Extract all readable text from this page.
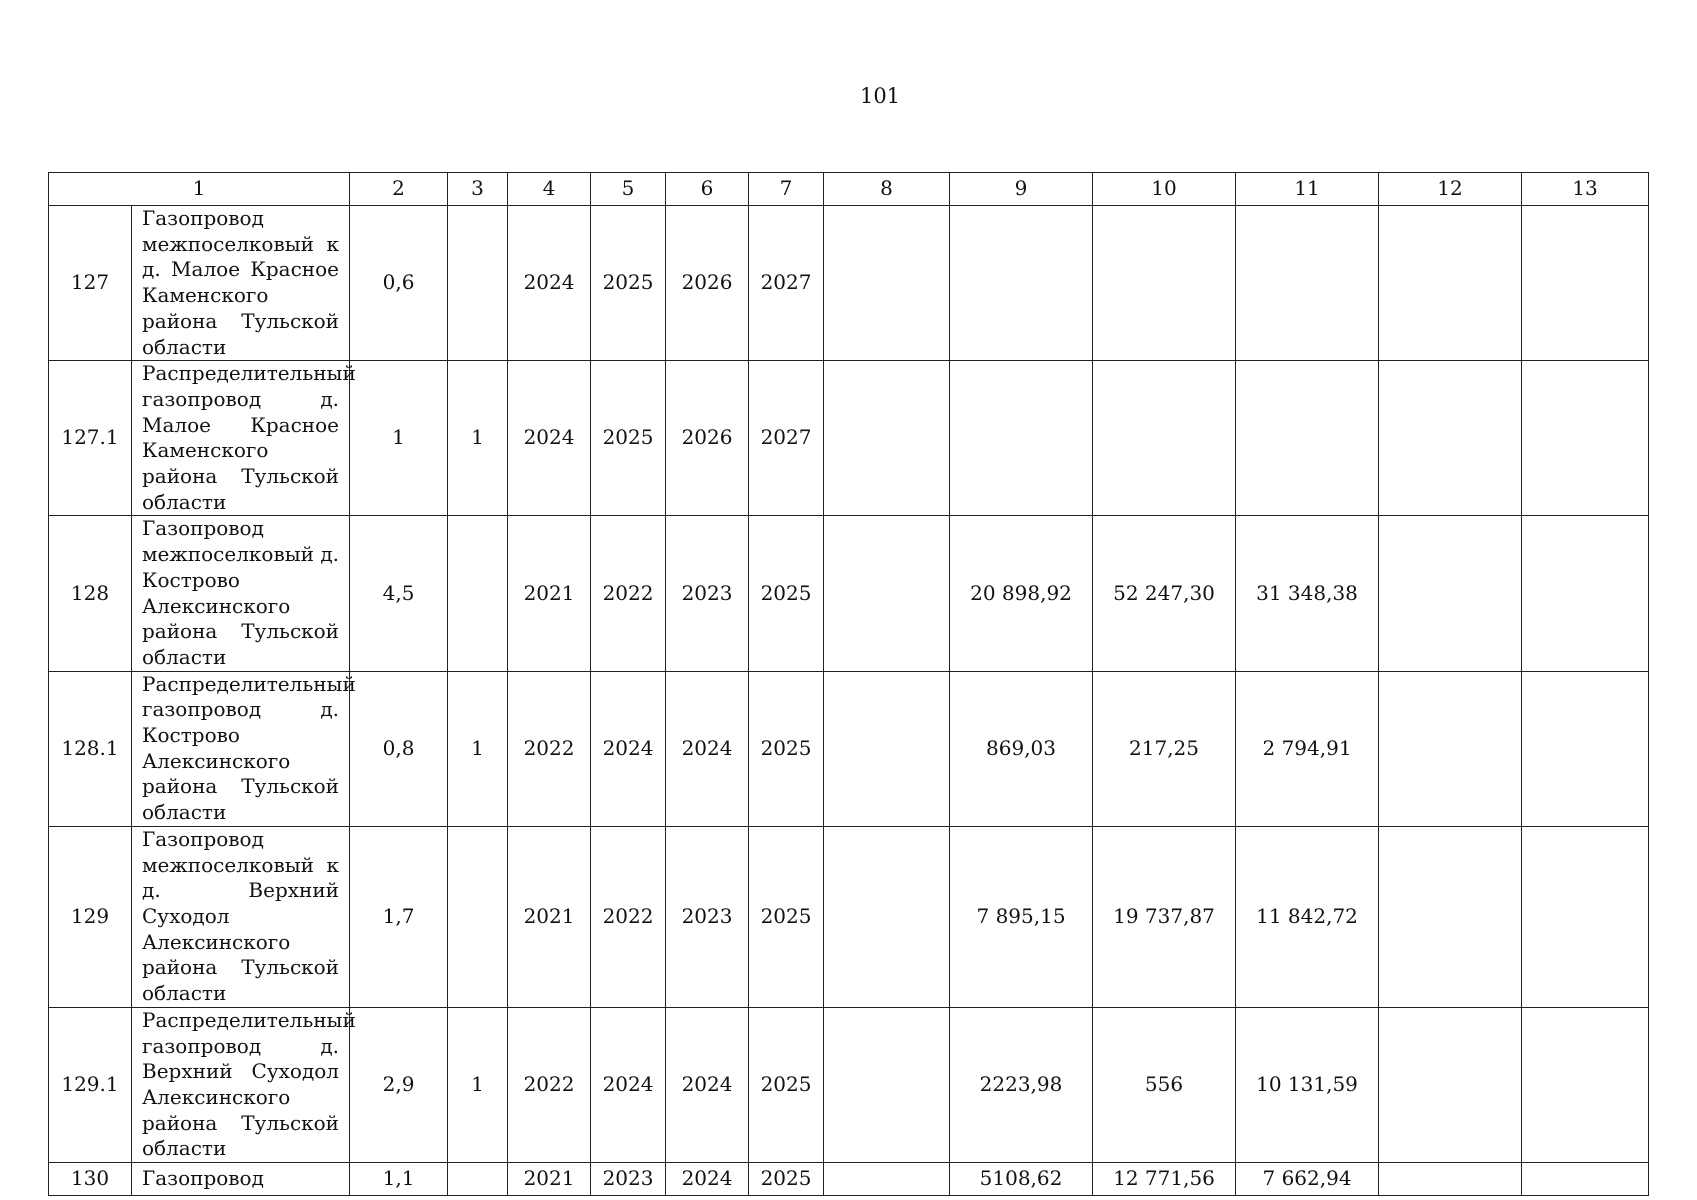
101
1		2	3	4	5	6	7	8	9	10	11	12	13
127	Газопровод межпоселковый к д. Малое Красное Каменского района Тульской области	0,6		2024	2025	2026	2027						
127.1	Распределительный газопровод д. Малое Красное Каменского района Тульской области	1	1	2024	2025	2026	2027						
128	Газопровод межпоселковый д. Кострово Алексинского района Тульской области	4,5		2021	2022	2023	2025		20 898,92	52 247,30	31 348,38		
128.1	Распределительный газопровод д. Кострово Алексинского района Тульской области	0,8	1	2022	2024	2024	2025		869,03	217,25	2 794,91		
129	Газопровод межпоселковый к д. Верхний Суходол Алексинского района Тульской области	1,7		2021	2022	2023	2025		7 895,15	19 737,87	11 842,72		
129.1	Распределительный газопровод д. Верхний Суходол Алексинского района Тульской области	2,9	1	2022	2024	2024	2025		2223,98	556	10 131,59		
130	Газопровод	1,1		2021	2023	2024	2025		5108,62	12 771,56	7 662,94		
